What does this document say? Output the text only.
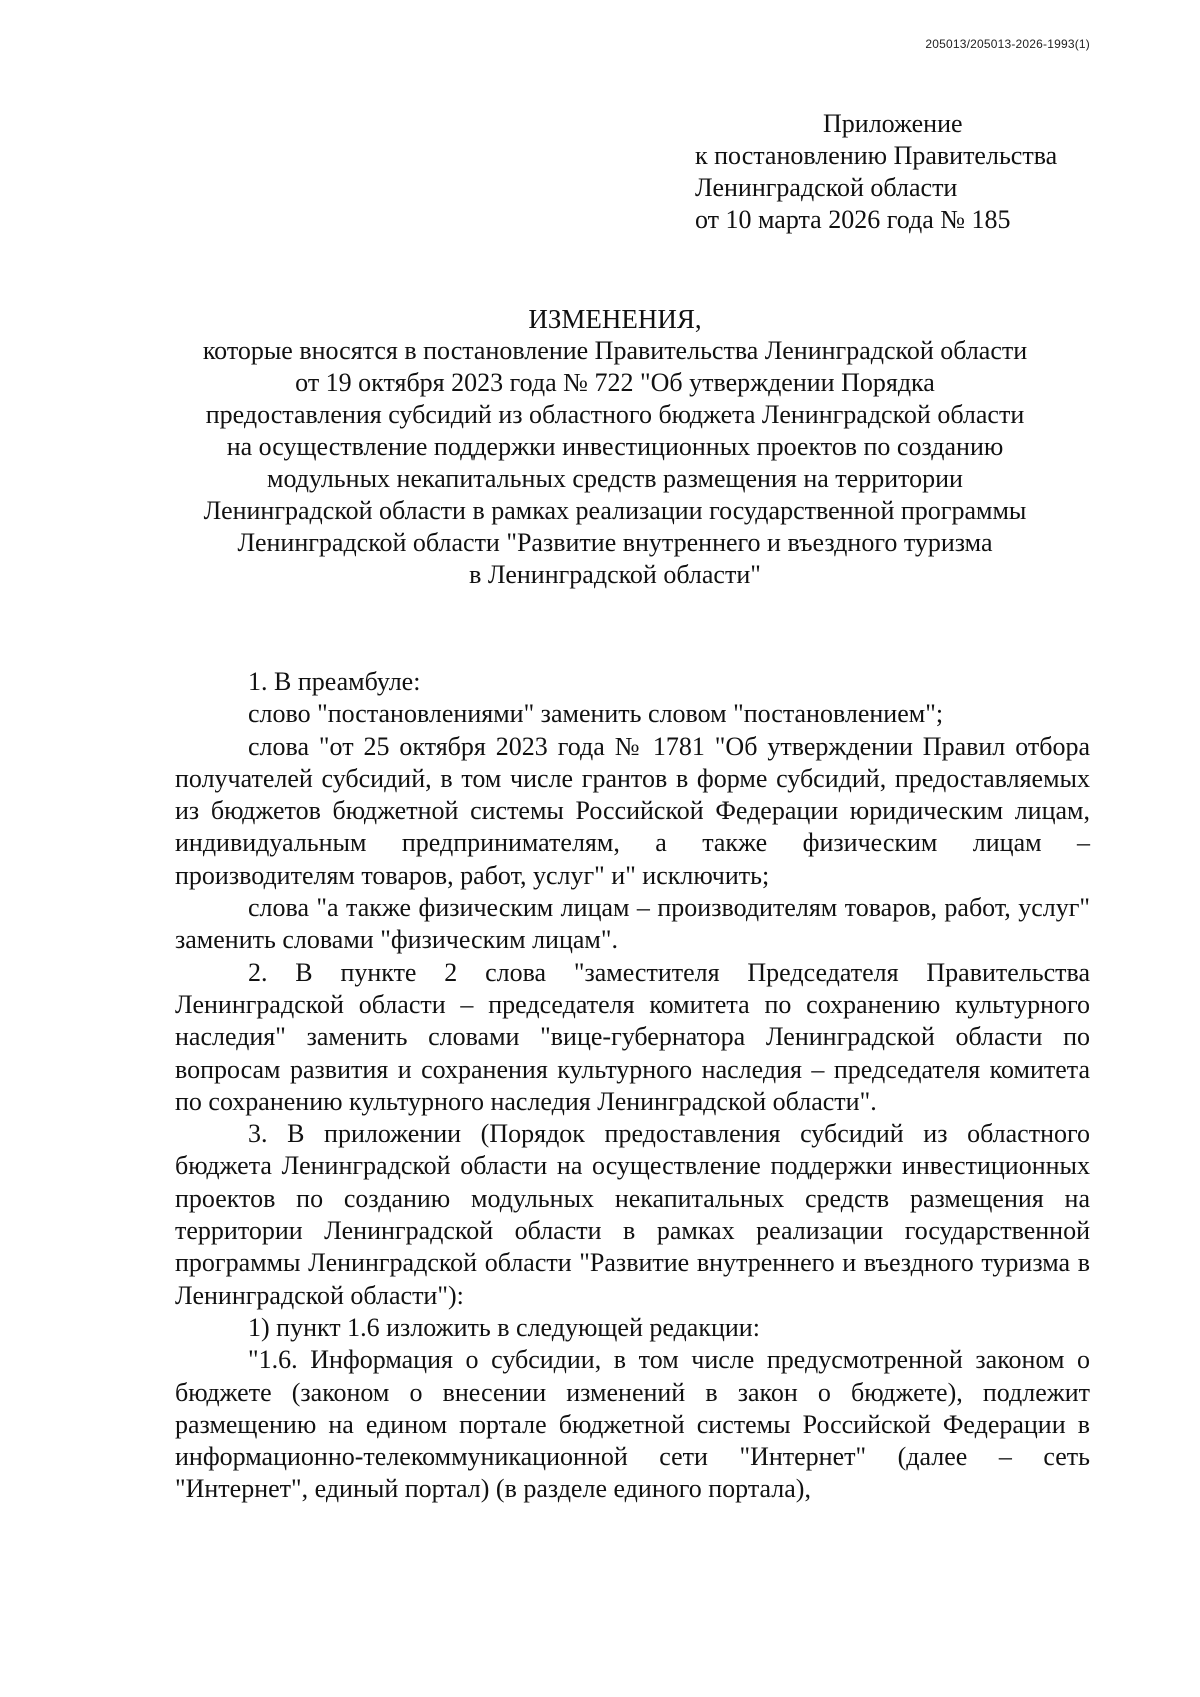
205013/205013-2026-1993(1)
Приложение
к постановлению Правительства
Ленинградской области
от 10 марта 2026 года № 185
ИЗМЕНЕНИЯ,
которые вносятся в постановление Правительства Ленинградской области
от 19 октября 2023 года № 722 "Об утверждении Порядка
предоставления субсидий из областного бюджета Ленинградской области
на осуществление поддержки инвестиционных проектов по созданию
модульных некапитальных средств размещения на территории
Ленинградской области в рамках реализации государственной программы
Ленинградской области "Развитие внутреннего и въездного туризма
в Ленинградской области"

1. В преамбуле:

слово "постановлениями" заменить словом "постановлением";

слова "от 25 октября 2023 года № 1781 "Об утверждении Правил отбора получателей субсидий, в том числе грантов в форме субсидий, предоставляемых из бюджетов бюджетной системы Российской Федерации юридическим лицам, индивидуальным предпринимателям, а также физическим лицам – производителям товаров, работ, услуг" и" исключить;

слова "а также физическим лицам – производителям товаров, работ, услуг" заменить словами "физическим лицам".

2. В пункте 2 слова "заместителя Председателя Правительства Ленинградской области – председателя комитета по сохранению культурного наследия" заменить словами "вице-губернатора Ленинградской области по вопросам развития и сохранения культурного наследия – председателя комитета по сохранению культурного наследия Ленинградской области".

3. В приложении (Порядок предоставления субсидий из областного бюджета Ленинградской области на осуществление поддержки инвестиционных проектов по созданию модульных некапитальных средств размещения на территории Ленинградской области в рамках реализации государственной программы Ленинградской области "Развитие внутреннего и въездного туризма в Ленинградской области"):

1) пункт 1.6 изложить в следующей редакции:

"1.6. Информация о субсидии, в том числе предусмотренной законом о бюджете (законом о внесении изменений в закон о бюджете), подлежит размещению на едином портале бюджетной системы Российской Федерации в информационно-телекоммуникационной сети "Интернет" (далее – сеть "Интернет", единый портал) (в разделе единого портала),
